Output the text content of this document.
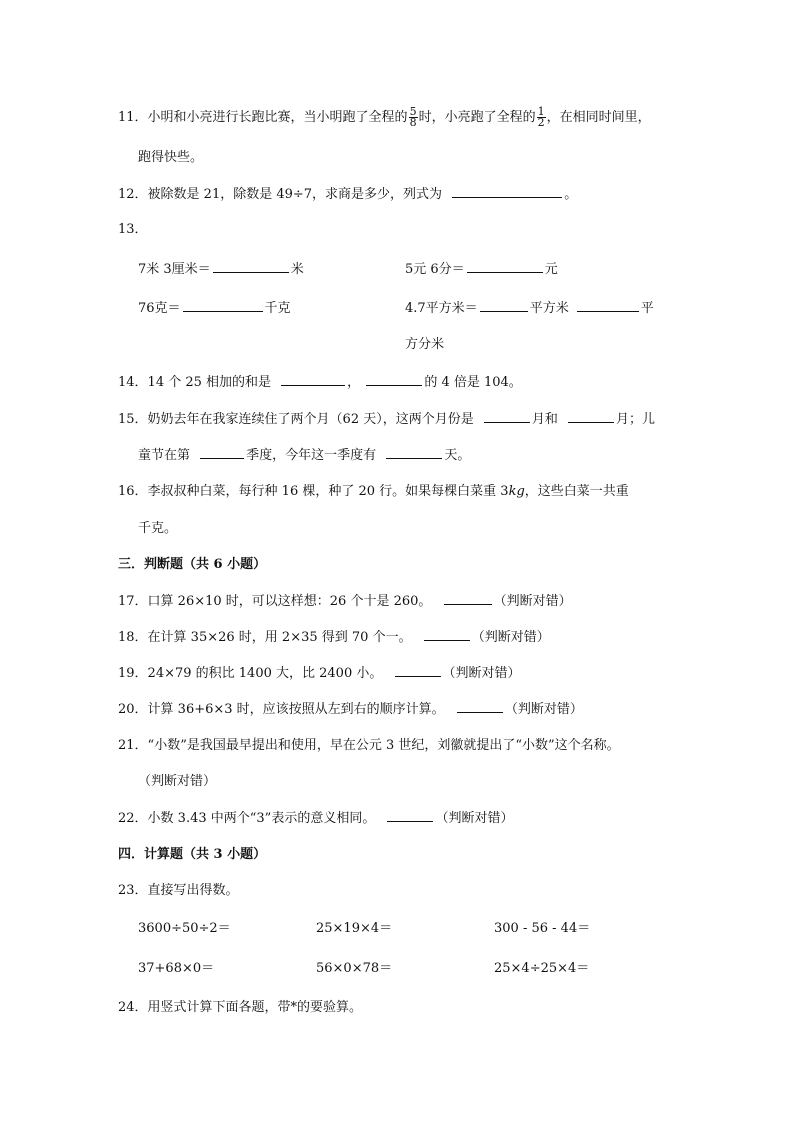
11．小明和小亮进行长跑比赛，当小明跑了全程的 $\frac{5}{8}$ 时，小亮跑了全程的 $\frac{1}{2}$ ，在相同时间里，
跑得快些。
12．被除数是 21，除数是 49÷7，求商是多少，列式为	。
13．
7米 3厘米＝	米	5元 6分＝	元
76克＝	千克	4.7平方米＝	平方米	平
方分米
14．14 个 25 相加的和是	，	的 4 倍是 104。
15．奶奶去年在我家连续住了两个月（62 天），这两个月份是	月和	月；儿
童节在第	季度，今年这一季度有	天。
16．李叔叔种白菜，每行种 16 棵，种了 20 行。如果每棵白菜重 3kg，这些白菜一共重
千克。
三．判断题（共 6 小题）
17．口算 26×10 时，可以这样想：26 个十是 260。	（判断对错）
18．在计算 35×26 时，用 2×35 得到 70 个一。	（判断对错）
19．24×79 的积比 1400 大，比 2400 小。	（判断对错）
20．计算 36+6×3 时，应该按照从左到右的顺序计算。	（判断对错）
21．“小数”是我国最早提出和使用，早在公元 3 世纪，刘徽就提出了“小数”这个名称。
（判断对错）
22．小数 3.43 中两个“3”表示的意义相同。	（判断对错）
四．计算题（共 3 小题）
23．直接写出得数。
3600÷50÷2＝	25×19×4＝	300 - 56 - 44＝
37+68×0＝	56×0×78＝	25×4÷25×4＝
24．用竖式计算下面各题，带*的要验算。
